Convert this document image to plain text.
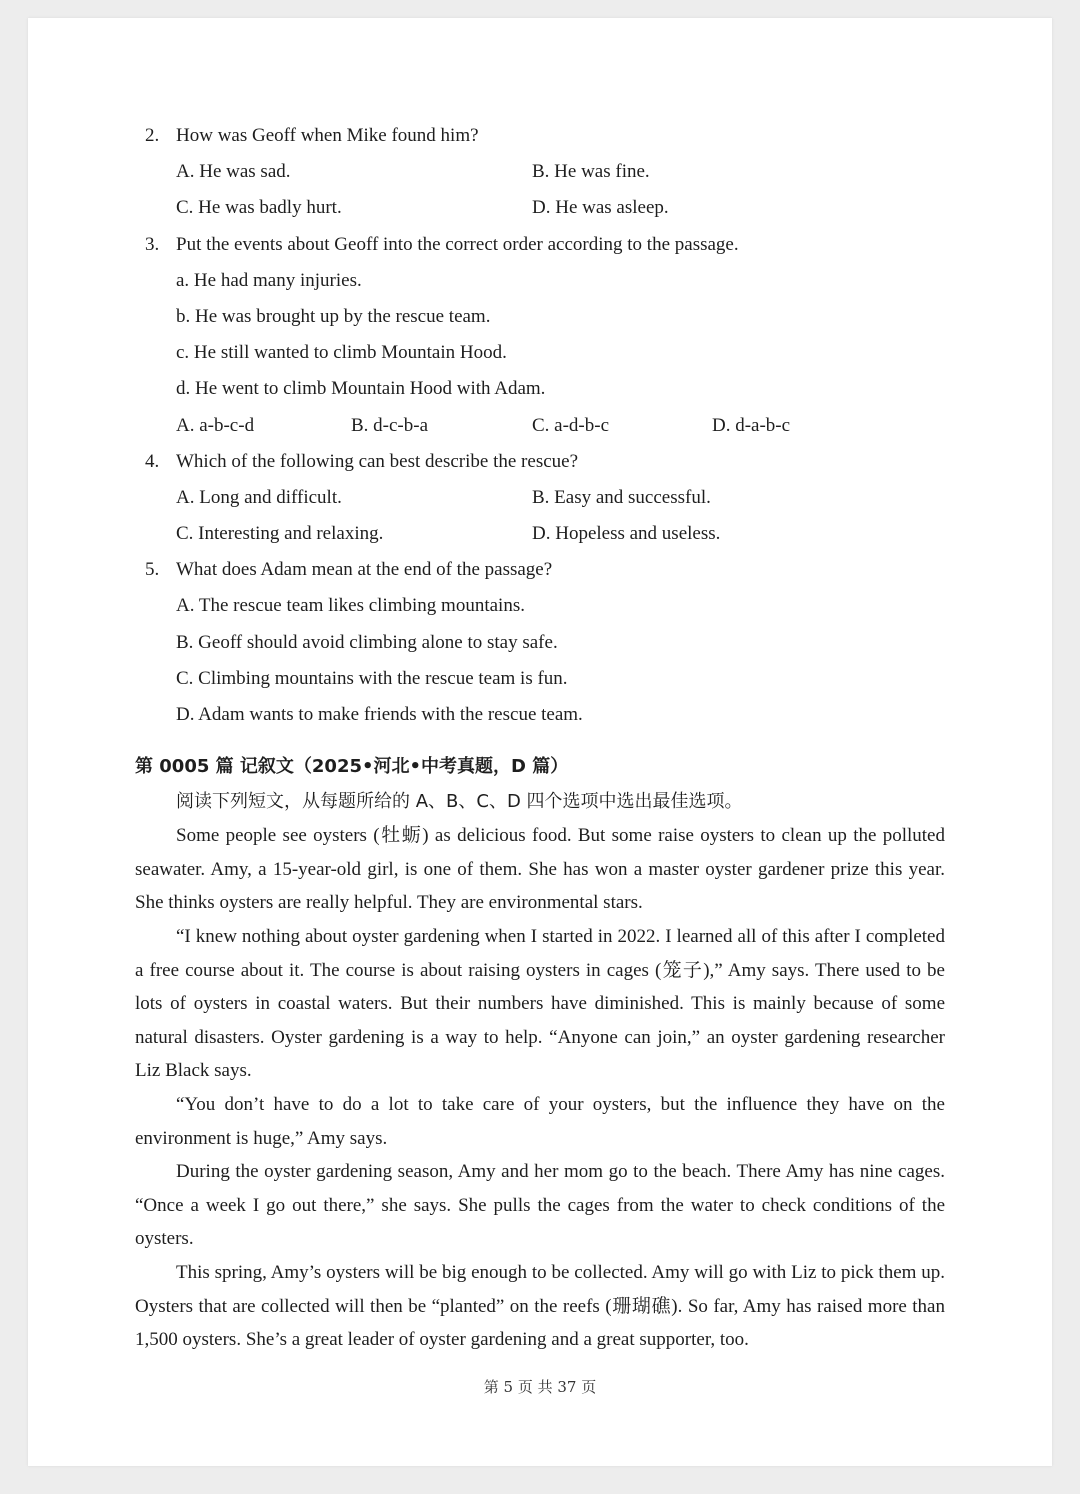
2. How was Geoff when Mike found him?
A. He was sad.	B. He was fine.
C. He was badly hurt.	D. He was asleep.
3. Put the events about Geoff into the correct order according to the passage.
a. He had many injuries.
b. He was brought up by the rescue team.
c. He still wanted to climb Mountain Hood.
d. He went to climb Mountain Hood with Adam.
A. a-b-c-d	B. d-c-b-a	C. a-d-b-c	D. d-a-b-c
4. Which of the following can best describe the rescue?
A. Long and difficult.	B. Easy and successful.
C. Interesting and relaxing.	D. Hopeless and useless.
5. What does Adam mean at the end of the passage?
A. The rescue team likes climbing mountains.
B. Geoff should avoid climbing alone to stay safe.
C. Climbing mountains with the rescue team is fun.
D. Adam wants to make friends with the rescue team.
第 0005 篇 记叙文（2025•河北•中考真题，D 篇）
阅读下列短文，从每题所给的 A、B、C、D 四个选项中选出最佳选项。

Some people see oysters (牡蛎) as delicious food. But some raise oysters to clean up the polluted seawater. Amy, a 15-year-old girl, is one of them. She has won a master oyster gardener prize this year. She thinks oysters are really helpful. They are environmental stars.

“I knew nothing about oyster gardening when I started in 2022. I learned all of this after I completed a free course about it. The course is about raising oysters in cages (笼子),” Amy says. There used to be lots of oysters in coastal waters. But their numbers have diminished. This is mainly because of some natural disasters. Oyster gardening is a way to help. “Anyone can join,” an oyster gardening researcher Liz Black says.

“You don’t have to do a lot to take care of your oysters, but the influence they have on the environment is huge,” Amy says.

During the oyster gardening season, Amy and her mom go to the beach. There Amy has nine cages. “Once a week I go out there,” she says. She pulls the cages from the water to check conditions of the oysters.

This spring, Amy’s oysters will be big enough to be collected. Amy will go with Liz to pick them up. Oysters that are collected will then be “planted” on the reefs (珊瑚礁). So far, Amy has raised more than 1,500 oysters. She’s a great leader of oyster gardening and a great supporter, too.

第 5 页 共 37 页
